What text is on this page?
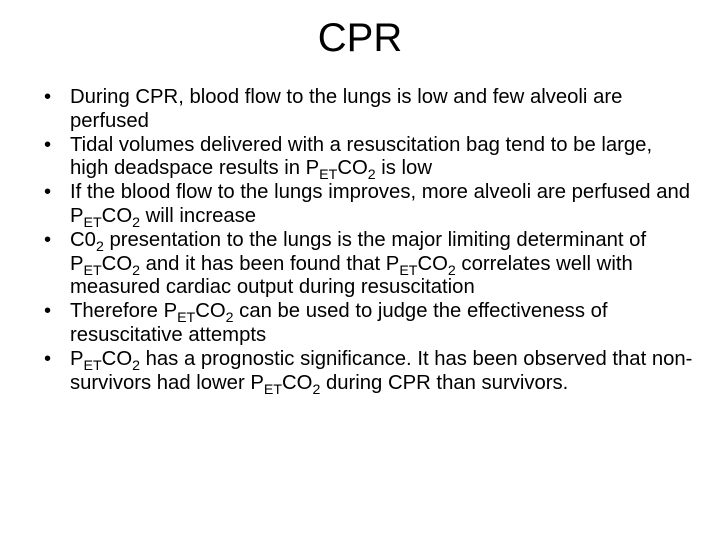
CPR
• During CPR, blood flow to the lungs is low and few alveoli are perfused
• Tidal volumes delivered with a resuscitation bag tend to be large, high deadspace results in $P_{ET}CO_2$ is low
• If the blood flow to the lungs improves, more alveoli are perfused and $P_{ET}CO_2$ will increase
• $C0_2$ presentation to the lungs is the major limiting determinant of $P_{ET}CO_2$ and it has been found that $P_{ET}CO_2$ correlates well with measured cardiac output during resuscitation
• Therefore $P_{ET}CO_2$ can be used to judge the effectiveness of resuscitative attempts
• $P_{ET}CO_2$ has a prognostic significance. It has been observed that non-survivors had lower $P_{ET}CO_2$ during CPR than survivors.
